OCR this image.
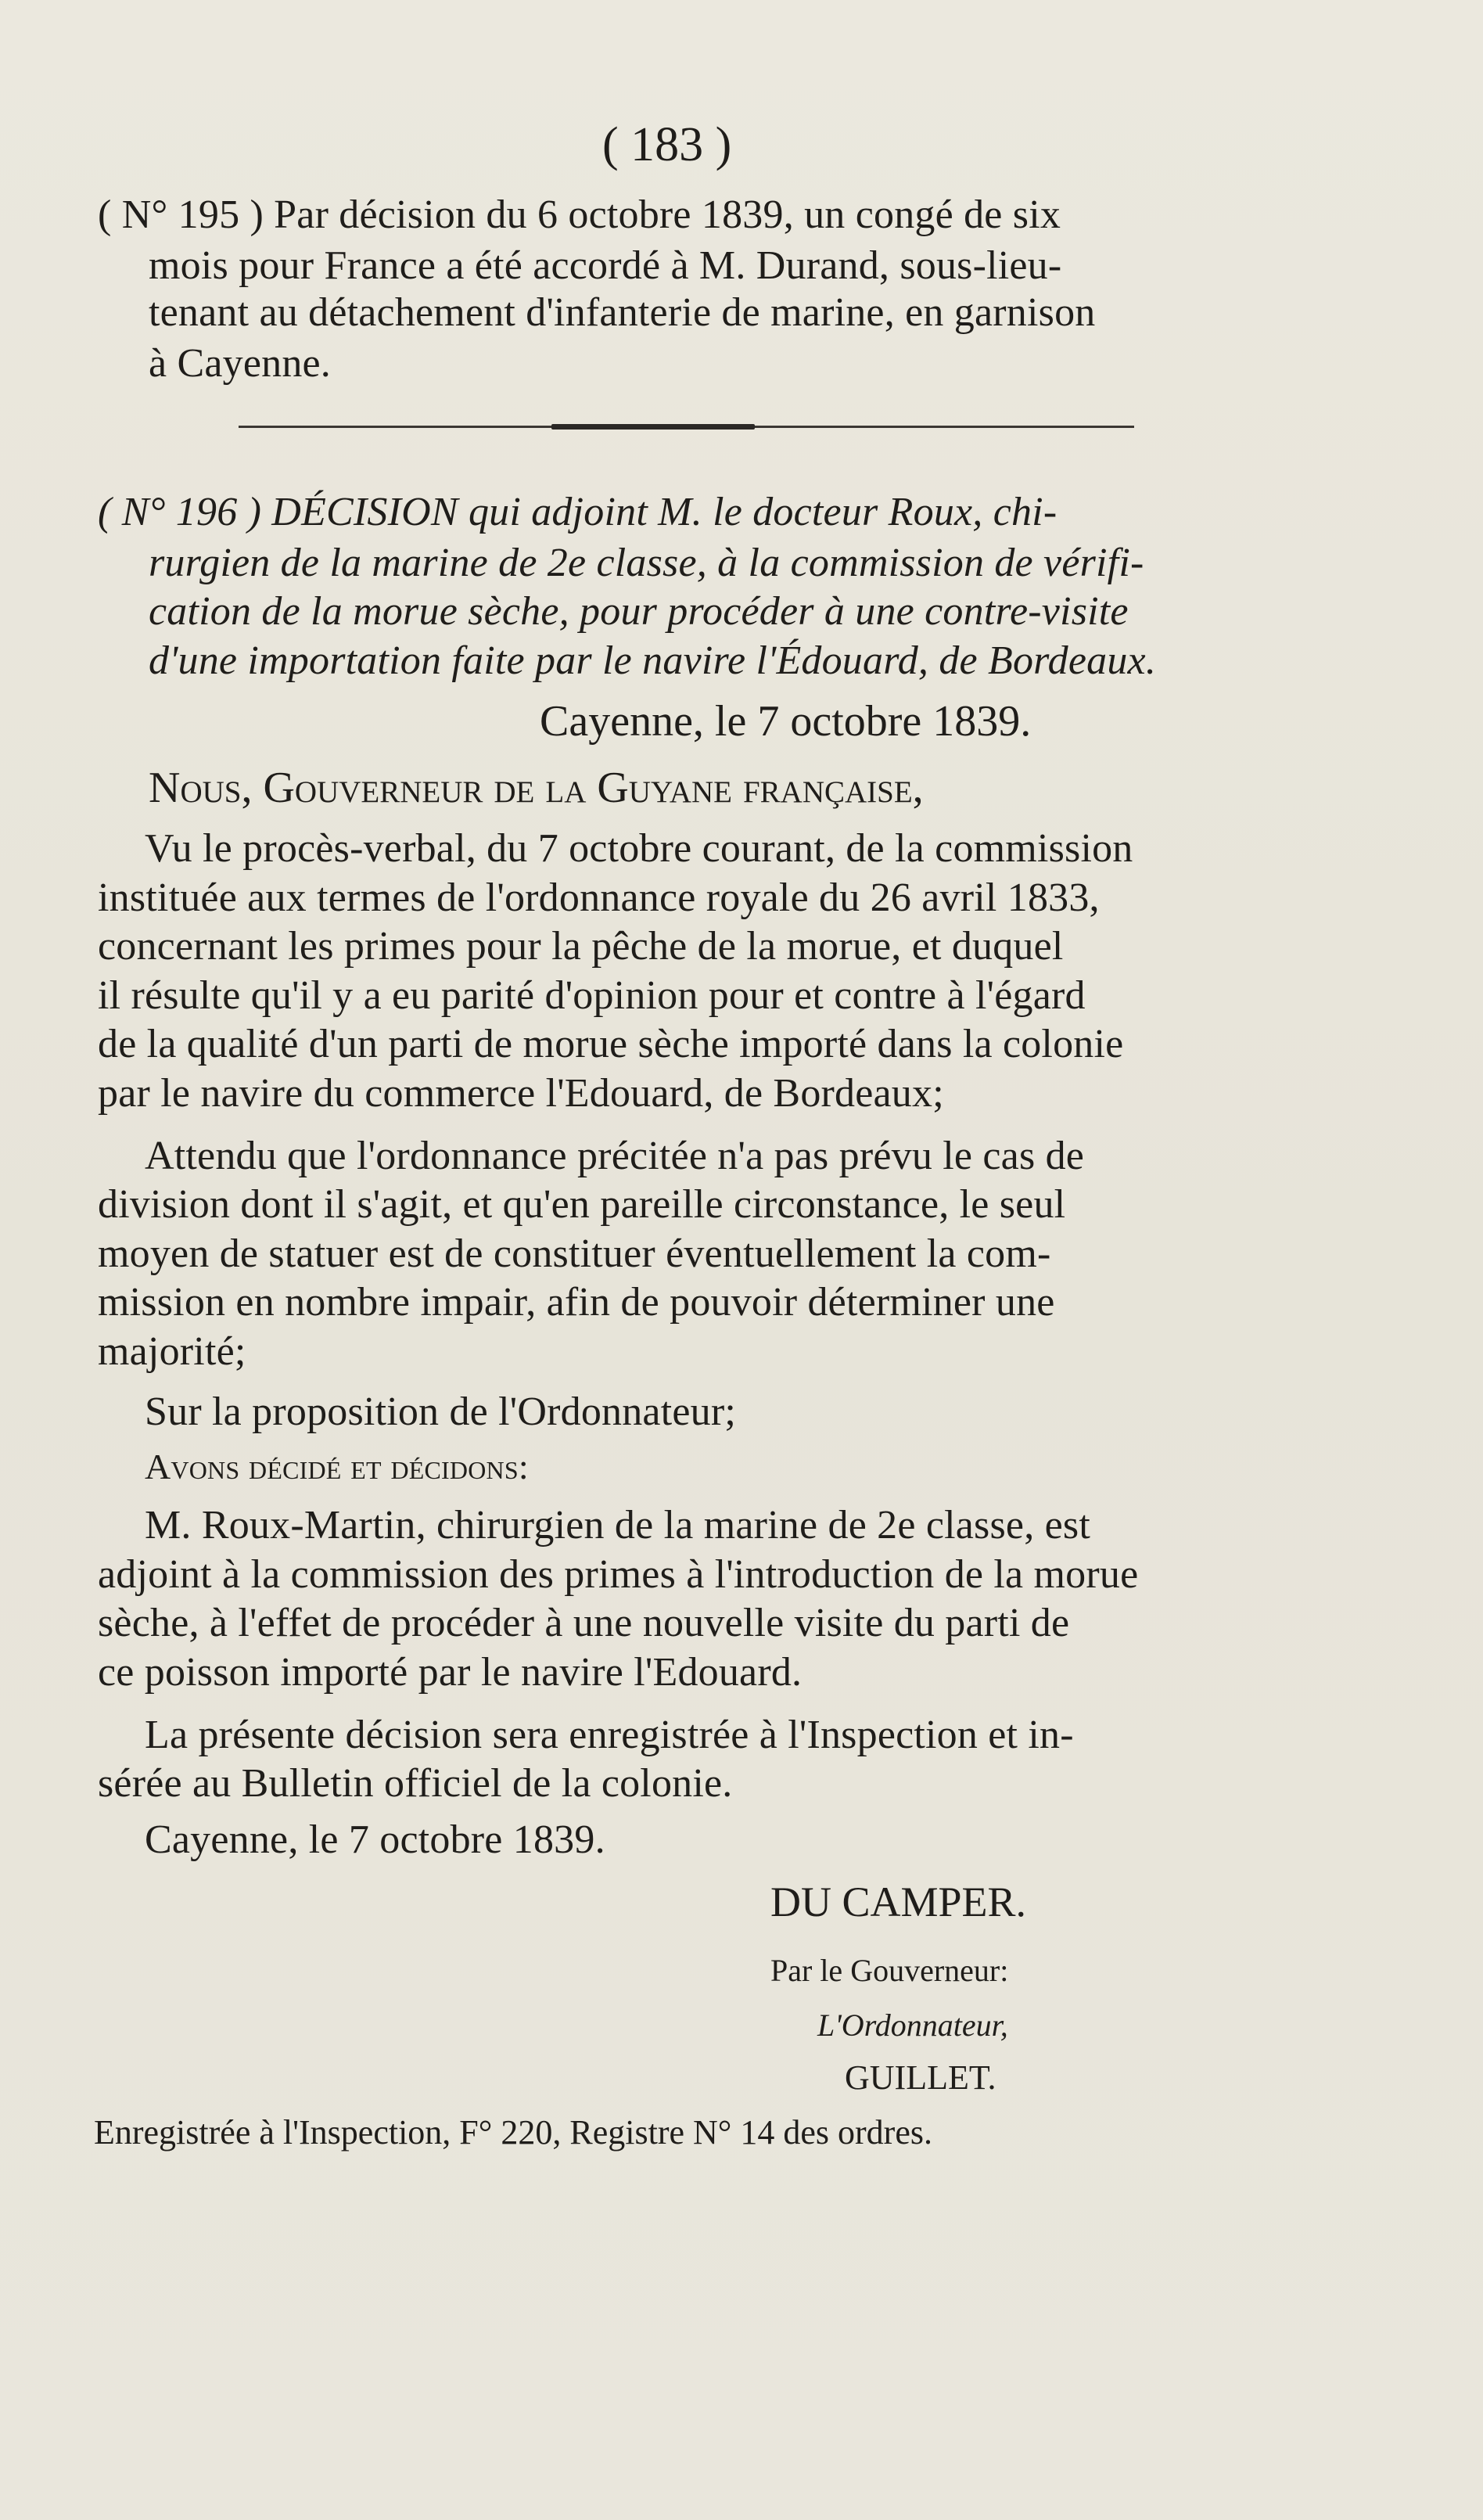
( 183 )
( N° 195 ) Par décision du 6 octobre 1839, un congé de six
mois pour France a été accordé à M. Durand, sous-lieu-
tenant au détachement d'infanterie de marine, en garnison
à Cayenne.
( N° 196 ) DÉCISION qui adjoint M. le docteur Roux, chi-
rurgien de la marine de 2e classe, à la commission de vérifi-
cation de la morue sèche, pour procéder à une contre-visite
d'une importation faite par le navire l'Édouard, de Bordeaux.
Cayenne, le 7 octobre 1839.
Nous, Gouverneur de la Guyane française,
Vu le procès-verbal, du 7 octobre courant, de la commission
instituée aux termes de l'ordonnance royale du 26 avril 1833,
concernant les primes pour la pêche de la morue, et duquel
il résulte qu'il y a eu parité d'opinion pour et contre à l'égard
de la qualité d'un parti de morue sèche importé dans la colonie
par le navire du commerce l'Edouard, de Bordeaux;
Attendu que l'ordonnance précitée n'a pas prévu le cas de
division dont il s'agit, et qu'en pareille circonstance, le seul
moyen de statuer est de constituer éventuellement la com-
mission en nombre impair, afin de pouvoir déterminer une
majorité;
Sur la proposition de l'Ordonnateur;
Avons décidé et décidons:
M. Roux-Martin, chirurgien de la marine de 2e classe, est
adjoint à la commission des primes à l'introduction de la morue
sèche, à l'effet de procéder à une nouvelle visite du parti de
ce poisson importé par le navire l'Edouard.
La présente décision sera enregistrée à l'Inspection et in-
sérée au Bulletin officiel de la colonie.
Cayenne, le 7 octobre 1839.
DU CAMPER.
Par le Gouverneur:
L'Ordonnateur,
GUILLET.
Enregistrée à l'Inspection, F° 220, Registre N° 14 des ordres.
